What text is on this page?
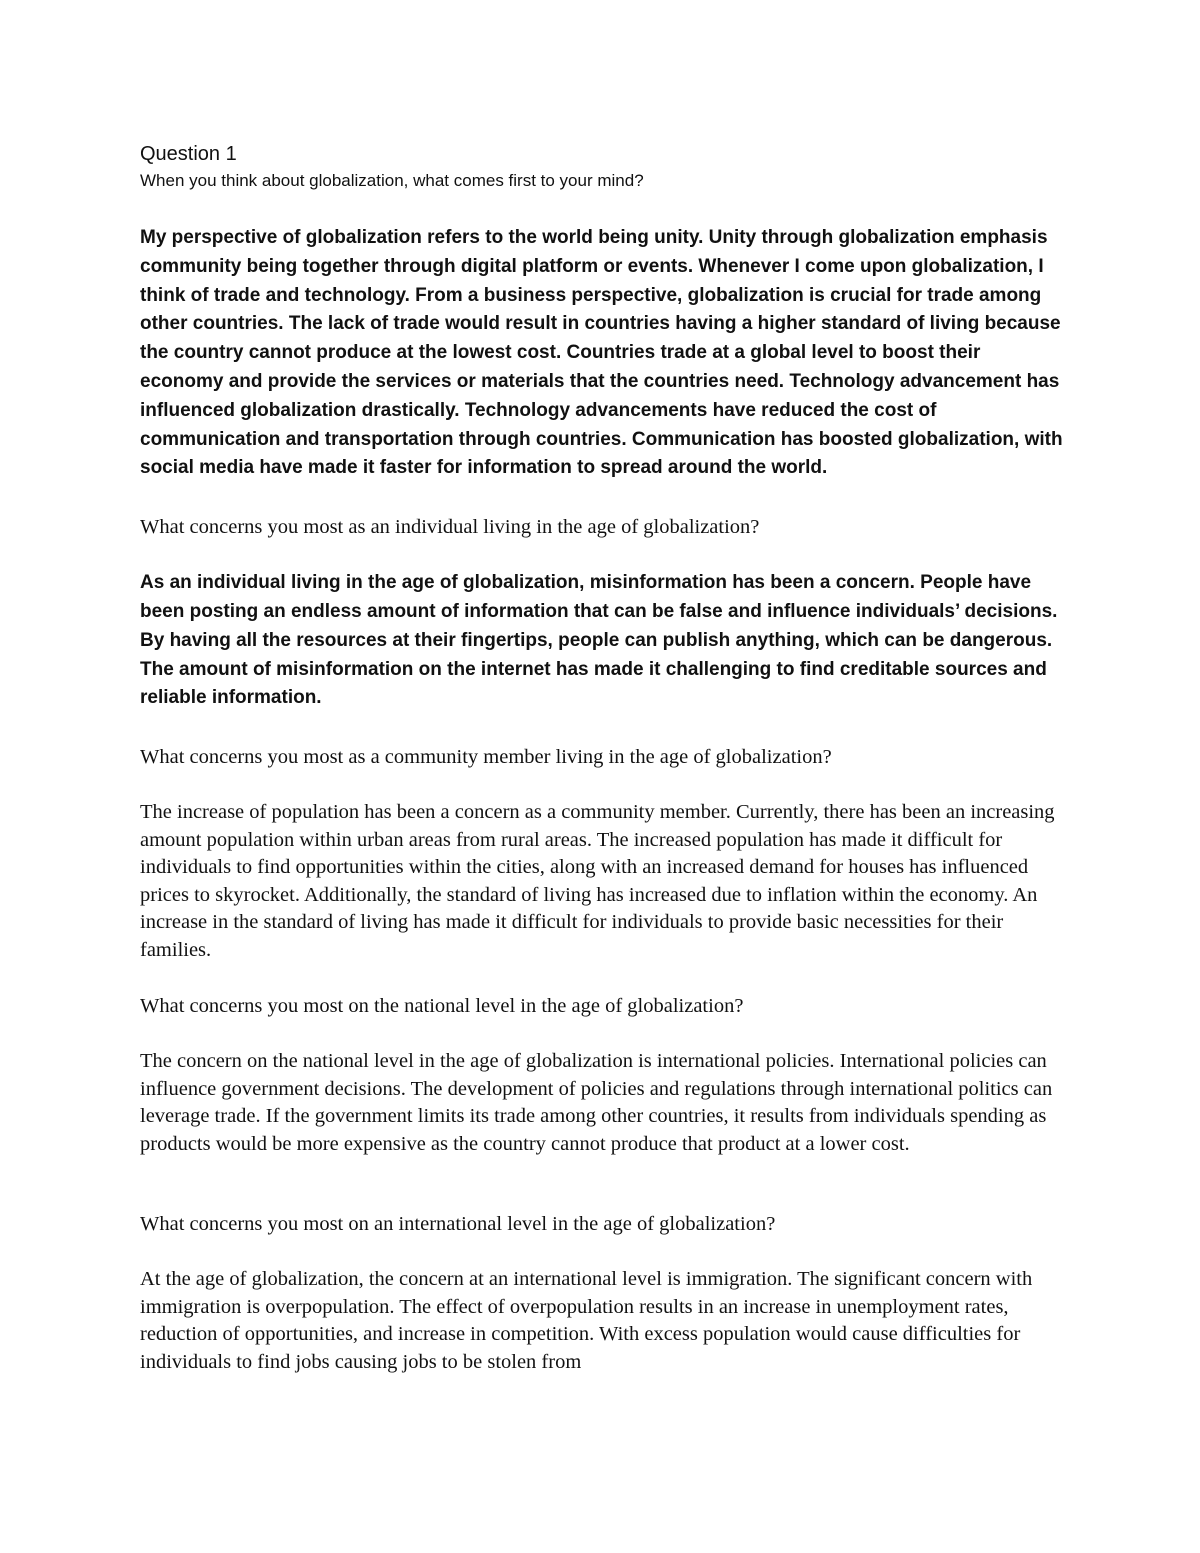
Question 1

When you think about globalization, what comes first to your mind?

My perspective of globalization refers to the world being unity. Unity through globalization emphasis community being together through digital platform or events. Whenever I come upon globalization, I think of trade and technology. From a business perspective, globalization is crucial for trade among other countries. The lack of trade would result in countries having a higher standard of living because the country cannot produce at the lowest cost. Countries trade at a global level to boost their economy and provide the services or materials that the countries need. Technology advancement has influenced globalization drastically. Technology advancements have reduced the cost of communication and transportation through countries. Communication has boosted globalization, with social media have made it faster for information to spread around the world.

What concerns you most as an individual living in the age of globalization?

As an individual living in the age of globalization, misinformation has been a concern. People have been posting an endless amount of information that can be false and influence individuals’ decisions. By having all the resources at their fingertips, people can publish anything, which can be dangerous. The amount of misinformation on the internet has made it challenging to find creditable sources and reliable information.

What concerns you most as a community member living in the age of globalization?

The increase of population has been a concern as a community member. Currently, there has been an increasing amount population within urban areas from rural areas. The increased population has made it difficult for individuals to find opportunities within the cities, along with an increased demand for houses has influenced prices to skyrocket. Additionally, the standard of living has increased due to inflation within the economy. An increase in the standard of living has made it difficult for individuals to provide basic necessities for their families.

What concerns you most on the national level in the age of globalization?

The concern on the national level in the age of globalization is international policies. International policies can influence government decisions. The development of policies and regulations through international politics can leverage trade. If the government limits its trade among other countries, it results from individuals spending as products would be more expensive as the country cannot produce that product at a lower cost.

What concerns you most on an international level in the age of globalization?

At the age of globalization, the concern at an international level is immigration. The significant concern with immigration is overpopulation. The effect of overpopulation results in an increase in unemployment rates, reduction of opportunities, and increase in competition. With excess population would cause difficulties for individuals to find jobs causing jobs to be stolen from
